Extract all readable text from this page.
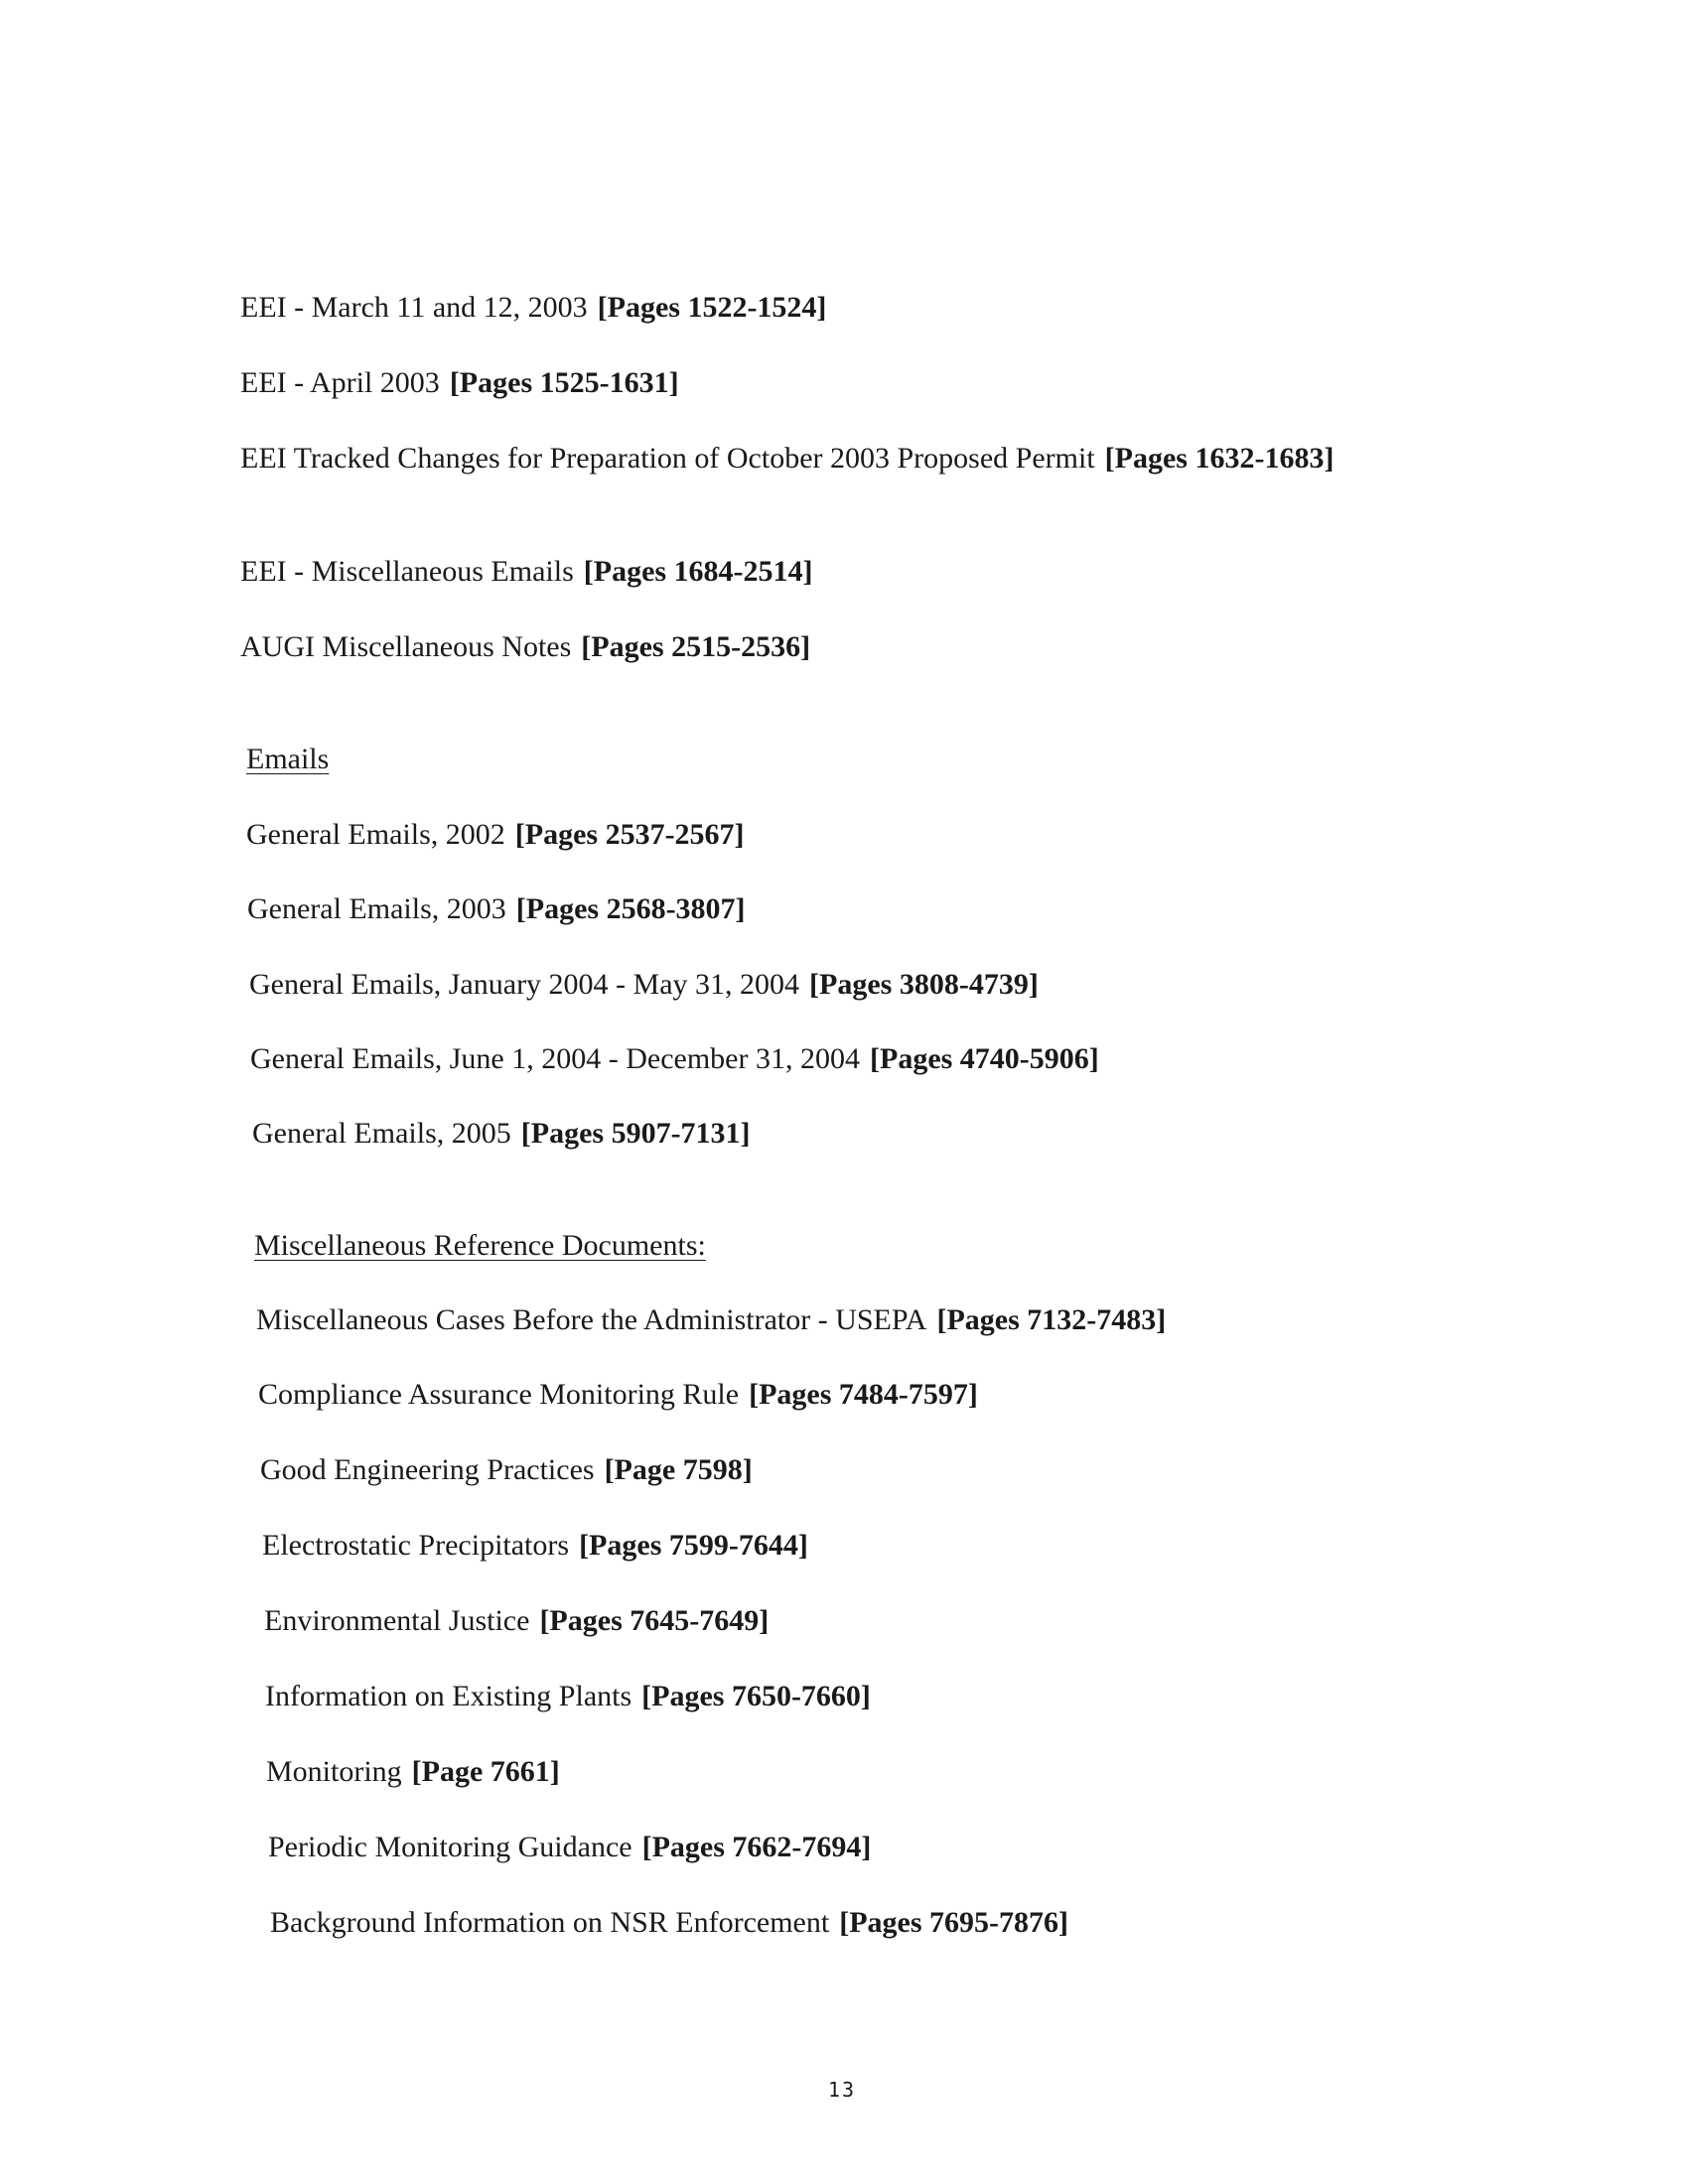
EEI - March 11 and 12, 2003 [Pages 1522-1524]
EEI - April 2003 [Pages 1525-1631]
EEI Tracked Changes for Preparation of October 2003 Proposed Permit [Pages 1632-1683]
EEI - Miscellaneous Emails [Pages 1684-2514]
AUGI Miscellaneous Notes [Pages 2515-2536]
Emails
General Emails, 2002 [Pages 2537-2567]
General Emails, 2003 [Pages 2568-3807]
General Emails, January 2004 - May 31, 2004 [Pages 3808-4739]
General Emails, June 1, 2004 - December 31, 2004 [Pages 4740-5906]
General Emails, 2005 [Pages 5907-7131]
Miscellaneous Reference Documents:
Miscellaneous Cases Before the Administrator - USEPA [Pages 7132-7483]
Compliance Assurance Monitoring Rule [Pages 7484-7597]
Good Engineering Practices [Page 7598]
Electrostatic Precipitators [Pages 7599-7644]
Environmental Justice [Pages 7645-7649]
Information on Existing Plants [Pages 7650-7660]
Monitoring [Page 7661]
Periodic Monitoring Guidance [Pages 7662-7694]
Background Information on NSR Enforcement [Pages 7695-7876]
13
